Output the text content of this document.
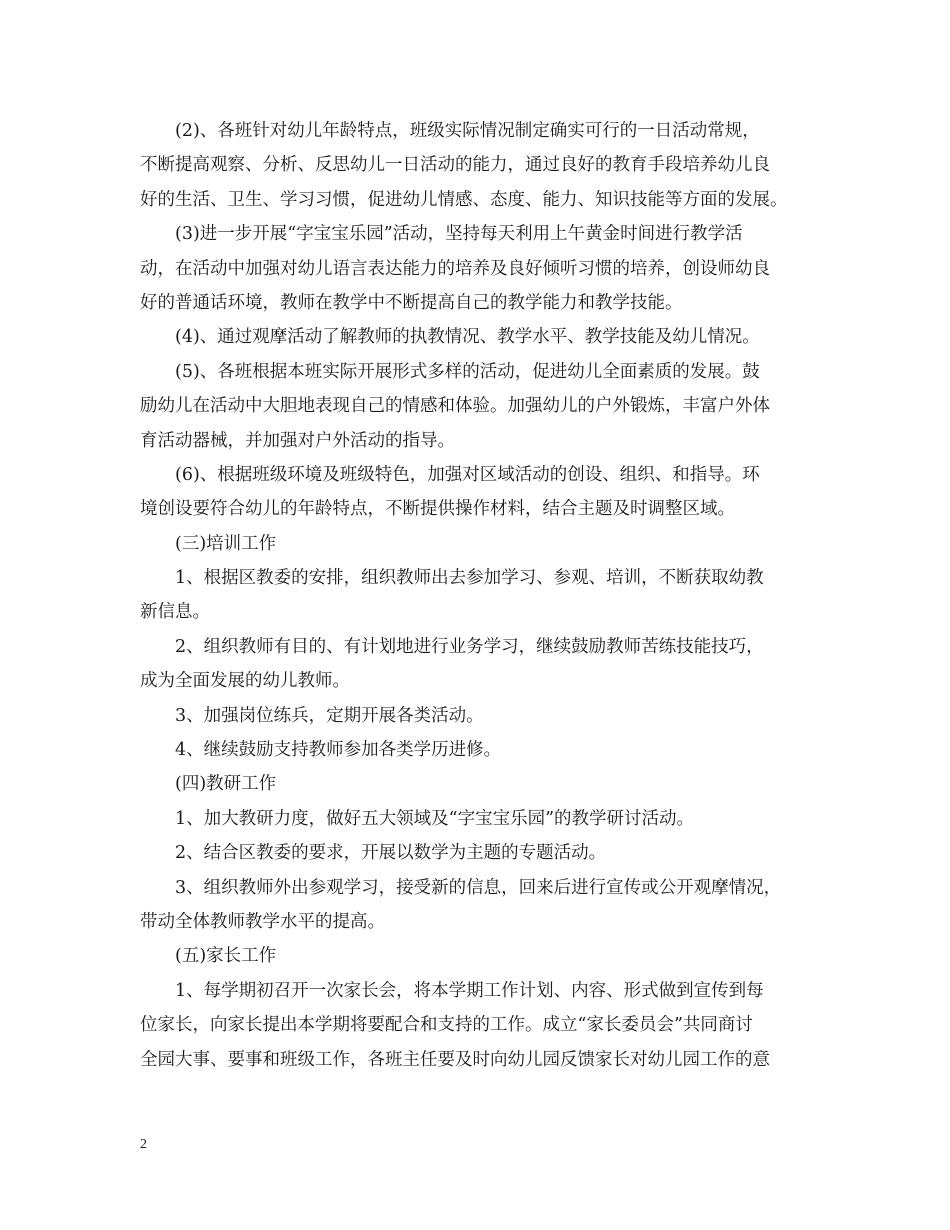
(2)、各班针对幼儿年龄特点，班级实际情况制定确实可行的一日活动常规，
不断提高观察、分析、反思幼儿一日活动的能力，通过良好的教育手段培养幼儿良
好的生活、卫生、学习习惯，促进幼儿情感、态度、能力、知识技能等方面的发展。
(3)进一步开展“字宝宝乐园”活动，坚持每天利用上午黄金时间进行教学活
动，在活动中加强对幼儿语言表达能力的培养及良好倾听习惯的培养，创设师幼良
好的普通话环境，教师在教学中不断提高自己的教学能力和教学技能。
(4)、通过观摩活动了解教师的执教情况、教学水平、教学技能及幼儿情况。
(5)、各班根据本班实际开展形式多样的活动，促进幼儿全面素质的发展。鼓
励幼儿在活动中大胆地表现自己的情感和体验。加强幼儿的户外锻炼，丰富户外体
育活动器械，并加强对户外活动的指导。
(6)、根据班级环境及班级特色，加强对区域活动的创设、组织、和指导。环
境创设要符合幼儿的年龄特点，不断提供操作材料，结合主题及时调整区域。
(三)培训工作
1、根据区教委的安排，组织教师出去参加学习、参观、培训，不断获取幼教
新信息。
2、组织教师有目的、有计划地进行业务学习，继续鼓励教师苦练技能技巧，
成为全面发展的幼儿教师。
3、加强岗位练兵，定期开展各类活动。
4、继续鼓励支持教师参加各类学历进修。
(四)教研工作
1、加大教研力度，做好五大领域及“字宝宝乐园”的教学研讨活动。
2、结合区教委的要求，开展以数学为主题的专题活动。
3、组织教师外出参观学习，接受新的信息，回来后进行宣传或公开观摩情况，
带动全体教师教学水平的提高。
(五)家长工作
1、每学期初召开一次家长会，将本学期工作计划、内容、形式做到宣传到每
位家长，向家长提出本学期将要配合和支持的工作。成立“家长委员会”共同商讨
全园大事、要事和班级工作，各班主任要及时向幼儿园反馈家长对幼儿园工作的意
2
